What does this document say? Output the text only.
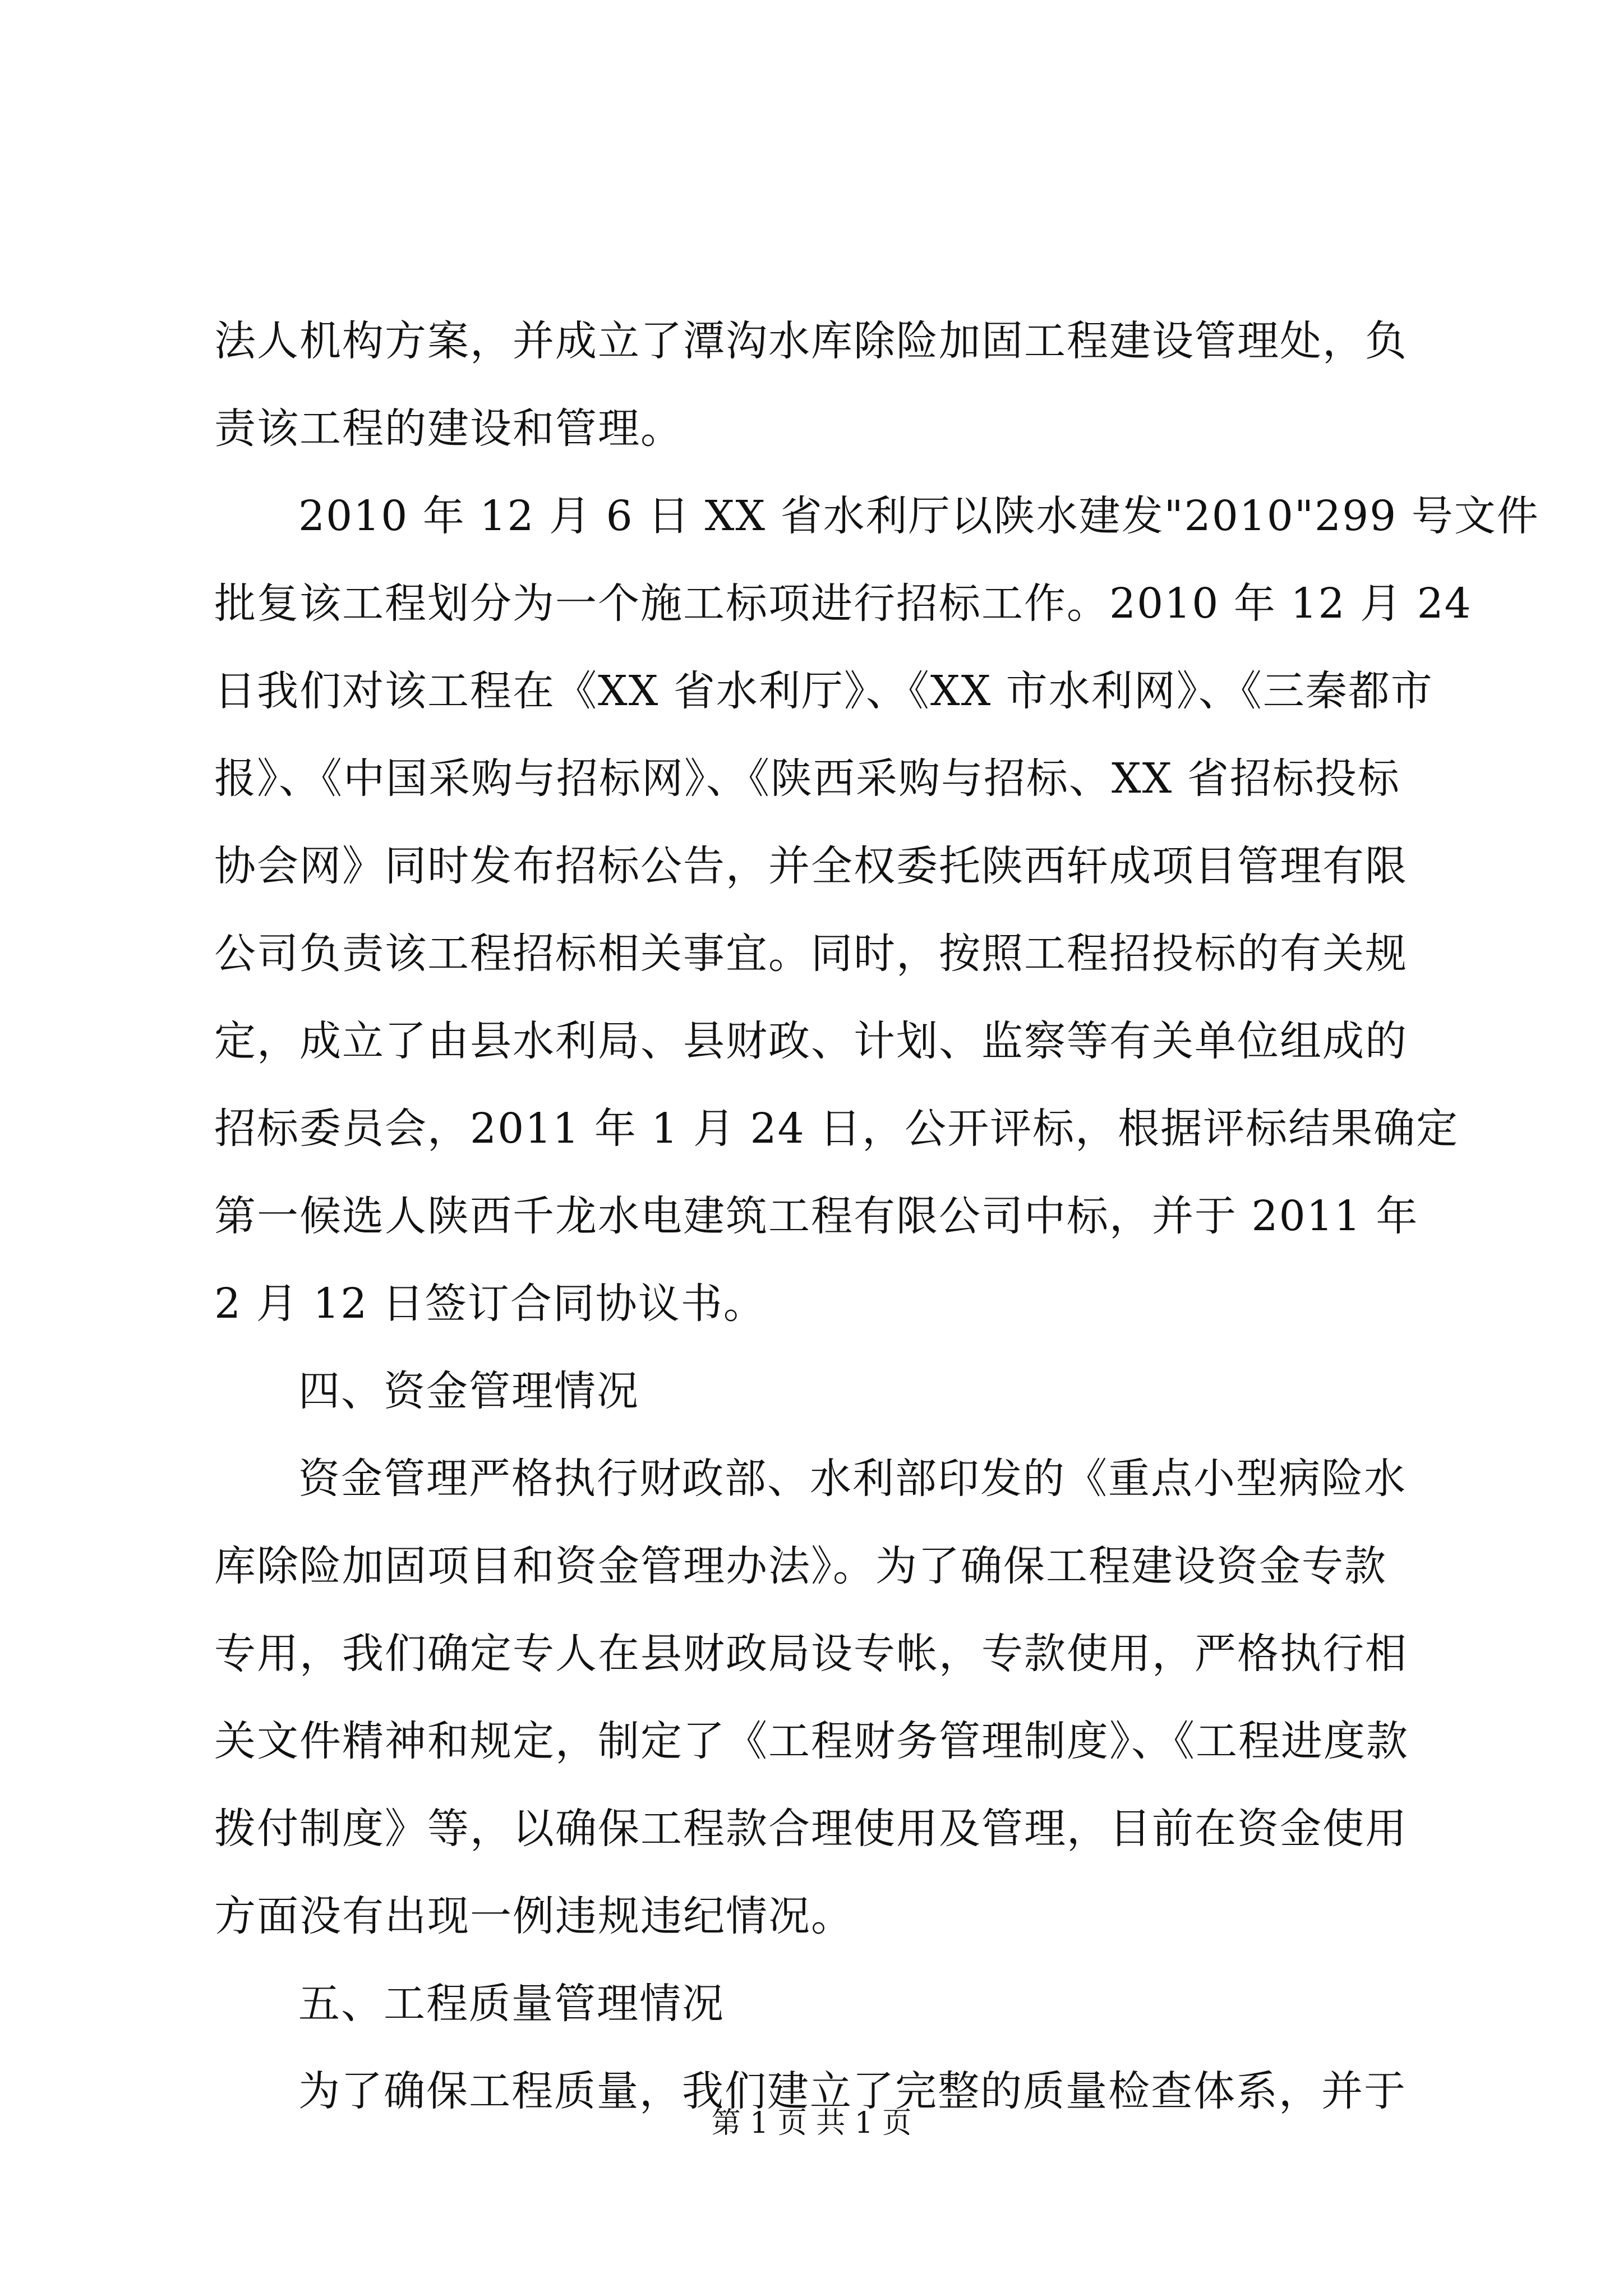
法人机构方案，并成立了潭沟水库除险加固工程建设管理处，负
责该工程的建设和管理。
2010 年 12 月 6 日 XX 省水利厅以陕水建发"2010"299 号文件
批复该工程划分为一个施工标项进行招标工作。2010 年 12 月 24
日我们对该工程在《XX 省水利厅》、《XX 市水利网》、《三秦都市
报》、《中国采购与招标网》、《陕西采购与招标、XX 省招标投标
协会网》同时发布招标公告，并全权委托陕西轩成项目管理有限
公司负责该工程招标相关事宜。同时，按照工程招投标的有关规
定，成立了由县水利局、县财政、计划、监察等有关单位组成的
招标委员会，2011 年 1 月 24 日，公开评标，根据评标结果确定
第一候选人陕西千龙水电建筑工程有限公司中标，并于 2011 年
2 月 12 日签订合同协议书。
四、资金管理情况
资金管理严格执行财政部、水利部印发的《重点小型病险水
库除险加固项目和资金管理办法》。为了确保工程建设资金专款
专用，我们确定专人在县财政局设专帐，专款使用，严格执行相
关文件精神和规定，制定了《工程财务管理制度》、《工程进度款
拨付制度》等，以确保工程款合理使用及管理，目前在资金使用
方面没有出现一例违规违纪情况。
五、工程质量管理情况
为了确保工程质量，我们建立了完整的质量检查体系，并于
第 1 页 共 1 页
